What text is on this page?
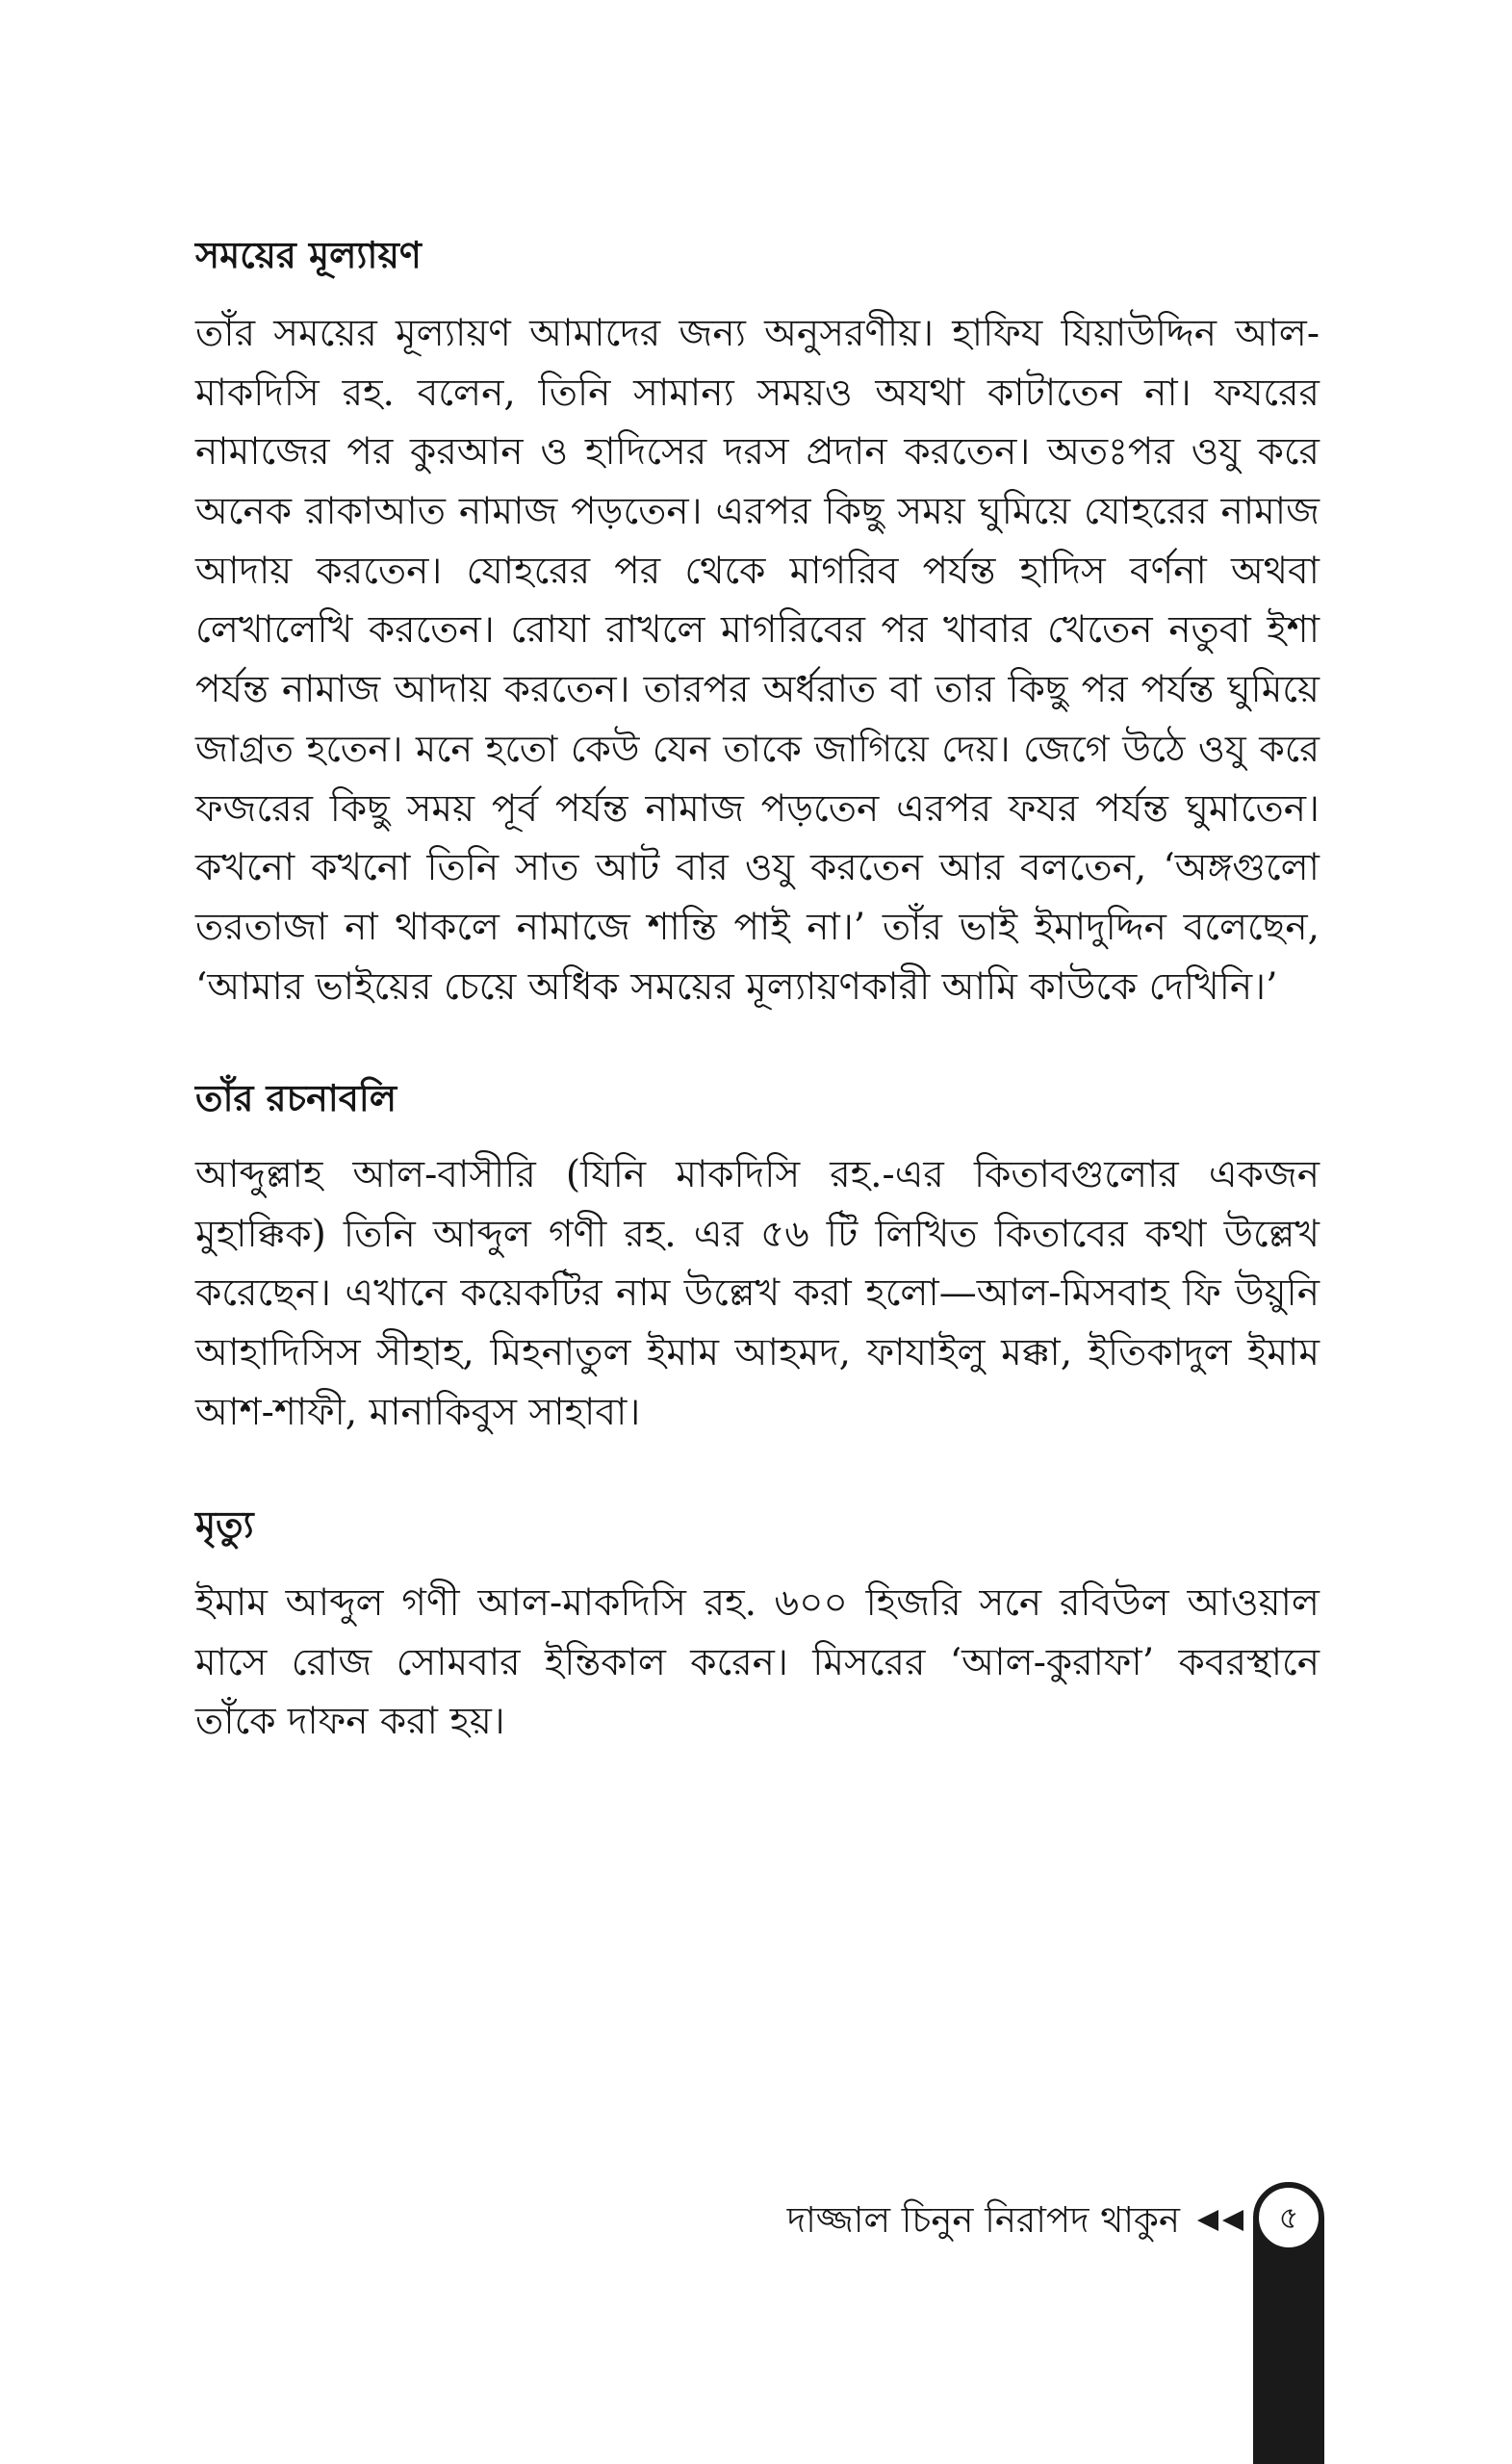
সময়ের মূল্যায়ণ
তাঁর সময়ের মূল্যায়ণ আমাদের জন্য অনুসরণীয়। হাফিয যিয়াউদ্দিন আল-
মাকদিসি রহ. বলেন, তিনি সামান্য সময়ও অযথা কাটাতেন না। ফযরের
নামাজের পর কুরআন ও হাদিসের দরস প্রদান করতেন। অতঃপর ওযু করে
অনেক রাকাআত নামাজ পড়তেন। এরপর কিছু সময় ঘুমিয়ে যোহরের নামাজ
আদায় করতেন। যোহরের পর থেকে মাগরিব পর্যন্ত হাদিস বর্ণনা অথবা
লেখালেখি করতেন। রোযা রাখলে মাগরিবের পর খাবার খেতেন নতুবা ইশা
পর্যন্ত নামাজ আদায় করতেন। তারপর অর্ধরাত বা তার কিছু পর পর্যন্ত ঘুমিয়ে
জাগ্রত হতেন। মনে হতো কেউ যেন তাকে জাগিয়ে দেয়। জেগে উঠে ওযু করে
ফজরের কিছু সময় পূর্ব পর্যন্ত নামাজ পড়তেন এরপর ফযর পর্যন্ত ঘুমাতেন।
কখনো কখনো তিনি সাত আট বার ওযু করতেন আর বলতেন, ‘অঙ্গগুলো
তরতাজা না থাকলে নামাজে শান্তি পাই না।’ তাঁর ভাই ইমাদুদ্দিন বলেছেন,
‘আমার ভাইয়ের চেয়ে অধিক সময়ের মূল্যায়ণকারী আমি কাউকে দেখিনি।’
তাঁর রচনাবলি
আব্দুল্লাহ আল-বাসীরি (যিনি মাকদিসি রহ.-এর কিতাবগুলোর একজন
মুহাক্কিক) তিনি আব্দুল গণী রহ. এর ৫৬ টি লিখিত কিতাবের কথা উল্লেখ
করেছেন। এখানে কয়েকটির নাম উল্লেখ করা হলো—আল-মিসবাহ ফি উয়ুনি
আহাদিসিস সীহাহ, মিহনাতুল ইমাম আহমদ, ফাযাইলু মক্কা, ইতিকাদুল ইমাম
আশ-শাফী, মানাকিবুস সাহাবা।
মৃত্যু
ইমাম আব্দুল গণী আল-মাকদিসি রহ. ৬০০ হিজরি সনে রবিউল আওয়াল
মাসে রোজ সোমবার ইন্তিকাল করেন। মিসরের ‘আল-কুরাফা’ কবরস্থানে
তাঁকে দাফন করা হয়।
দাজ্জাল চিনুন নিরাপদ থাকুন	৫
